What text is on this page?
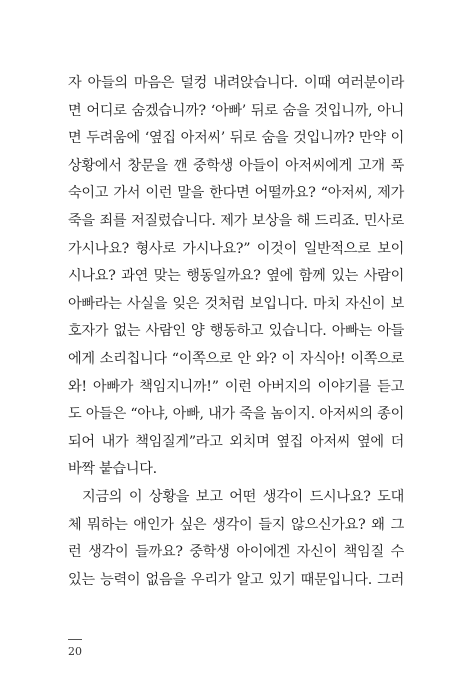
자 아들의 마음은 덜컹 내려앉습니다. 이때 여러분이라
면 어디로 숨겠습니까? ‘아빠’ 뒤로 숨을 것입니까, 아니
면 두려움에 ‘옆집 아저씨’ 뒤로 숨을 것입니까? 만약 이
상황에서 창문을 깬 중학생 아들이 아저씨에게 고개 푹
숙이고 가서 이런 말을 한다면 어떨까요? “아저씨, 제가
죽을 죄를 저질렀습니다. 제가 보상을 해 드리죠. 민사로
가시나요? 형사로 가시나요?” 이것이 일반적으로 보이
시나요? 과연 맞는 행동일까요? 옆에 함께 있는 사람이
아빠라는 사실을 잊은 것처럼 보입니다. 마치 자신이 보
호자가 없는 사람인 양 행동하고 있습니다. 아빠는 아들
에게 소리칩니다 “이쪽으로 안 와? 이 자식아! 이쪽으로
와! 아빠가 책임지니까!” 이런 아버지의 이야기를 듣고
도 아들은 “아냐, 아빠, 내가 죽을 놈이지. 아저씨의 종이
되어 내가 책임질게”라고 외치며 옆집 아저씨 옆에 더
바짝 붙습니다.
지금의 이 상황을 보고 어떤 생각이 드시나요? 도대
체 뭐하는 애인가 싶은 생각이 들지 않으신가요? 왜 그
런 생각이 들까요? 중학생 아이에겐 자신이 책임질 수
있는 능력이 없음을 우리가 알고 있기 때문입니다. 그러
20
